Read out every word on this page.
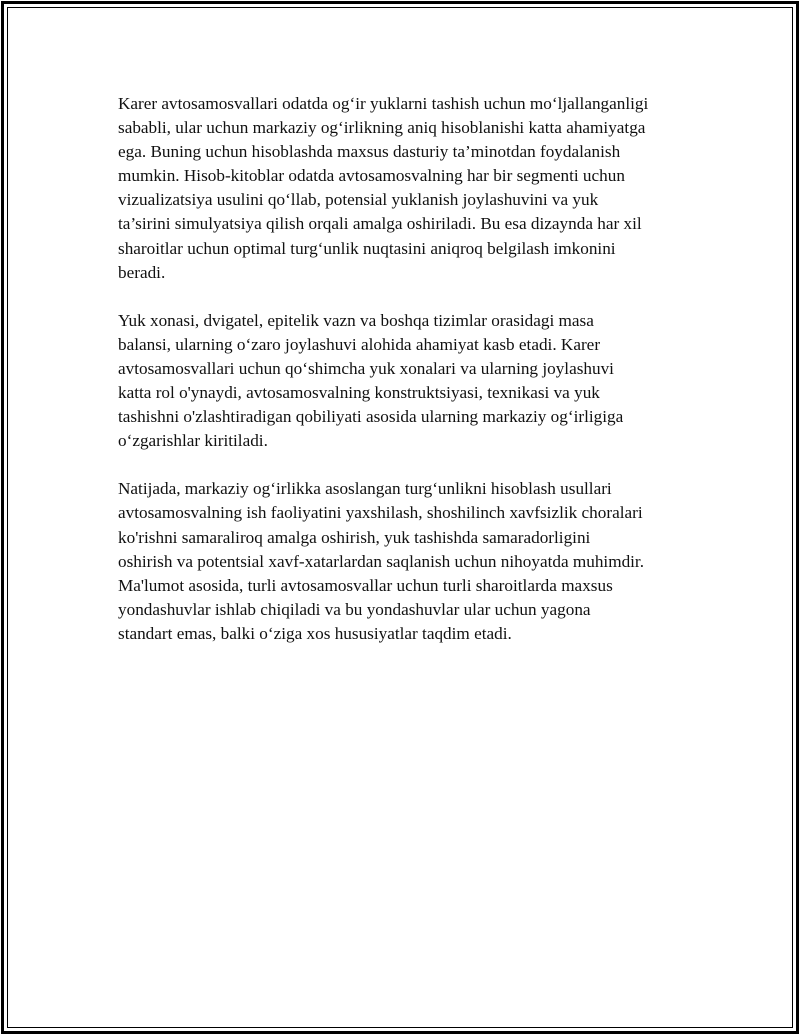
Karer avtosamosvallari odatda og‘ir yuklarni tashish uchun mo‘ljallanganligi
sababli, ular uchun markaziy og‘irlikning aniq hisoblanishi katta ahamiyatga
ega. Buning uchun hisoblashda maxsus dasturiy ta’minotdan foydalanish
mumkin. Hisob-kitoblar odatda avtosamosvalning har bir segmenti uchun
vizualizatsiya usulini qo‘llab, potensial yuklanish joylashuvini va yuk
ta’sirini simulyatsiya qilish orqali amalga oshiriladi. Bu esa dizaynda har xil
sharoitlar uchun optimal turg‘unlik nuqtasini aniqroq belgilash imkonini
beradi.

Yuk xonasi, dvigatel, epitelik vazn va boshqa tizimlar orasidagi masa
balansi, ularning o‘zaro joylashuvi alohida ahamiyat kasb etadi. Karer
avtosamosvallari uchun qo‘shimcha yuk xonalari va ularning joylashuvi
katta rol o'ynaydi, avtosamosvalning konstruktsiyasi, texnikasi va yuk
tashishni o'zlashtiradigan qobiliyati asosida ularning markaziy og‘irligiga
o‘zgarishlar kiritiladi.

Natijada, markaziy og‘irlikka asoslangan turg‘unlikni hisoblash usullari
avtosamosvalning ish faoliyatini yaxshilash, shoshilinch xavfsizlik choralari
ko'rishni samaraliroq amalga oshirish, yuk tashishda samaradorligini
oshirish va potentsial xavf-xatarlardan saqlanish uchun nihoyatda muhimdir.
Ma'lumot asosida, turli avtosamosvallar uchun turli sharoitlarda maxsus
yondashuvlar ishlab chiqiladi va bu yondashuvlar ular uchun yagona
standart emas, balki o‘ziga xos hususiyatlar taqdim etadi.
